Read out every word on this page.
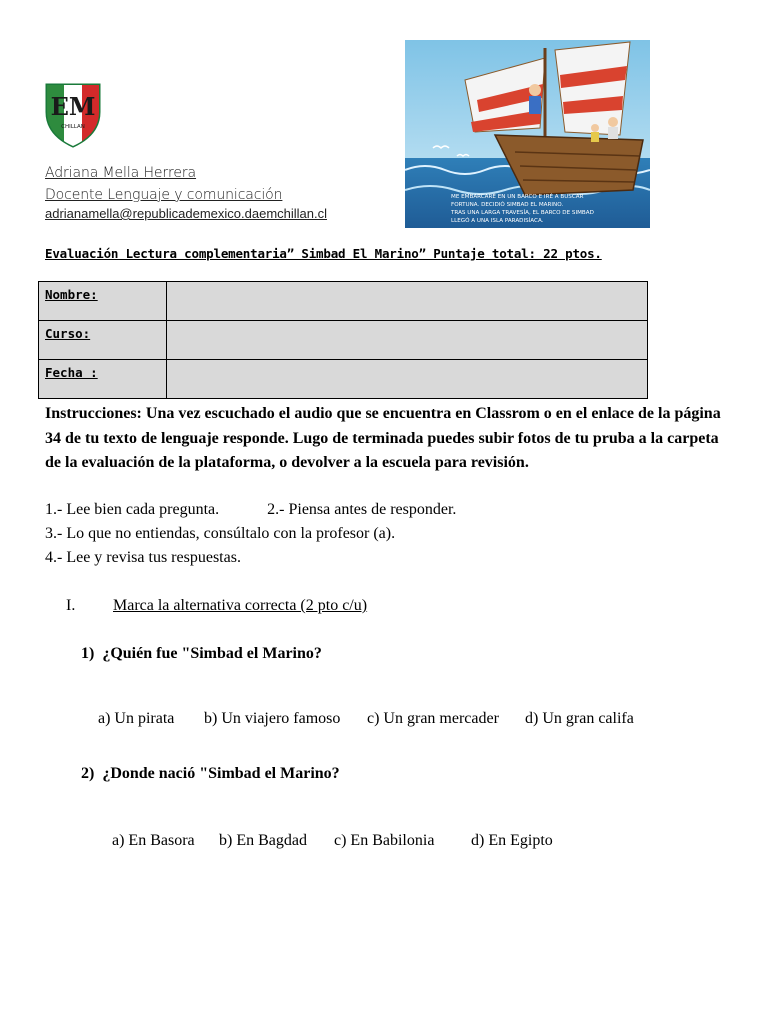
EM
CHILLAN
Adriana Mella Herrera
Docente Lenguaje y comunicación
adrianamella@republicademexico.daemchillan.cl
ME EMBARCARÉ EN UN BARCO E IRÉ A BUSCAR
FORTUNA. DECIDIÓ SIMBAD EL MARINO.
TRAS UNA LARGA TRAVESÍA, EL BARCO DE SIMBAD
LLEGÓ A UNA ISLA PARADISÍACA.
Evaluación Lectura complementaria” Simbad El Marino” Puntaje total: 22 ptos.
Nombre:	
Curso:	
Fecha :	
Instrucciones: Una vez escuchado el audio que se encuentra en Classrom o en el enlace de la página 34 de tu texto de lenguaje responde. Lugo de terminada puedes subir fotos de tu pruba a la carpeta de la evaluación de la plataforma, o devolver a la escuela para revisión.
1.- Lee bien cada pregunta.	2.- Piensa antes de responder.
3.- Lo que no entiendas, consúltalo con la profesor (a).
4.- Lee y revisa tus respuestas.
I. Marca la alternativa correcta (2 pto c/u)
1)  ¿Quién fue "Simbad el Marino?

a) Un pirata b) Un viajero famoso c) Un gran mercader d) Un gran califa

2)  ¿Donde nació "Simbad el Marino?

a) En Basora b) En Bagdad c) En Babilonia d) En Egipto
